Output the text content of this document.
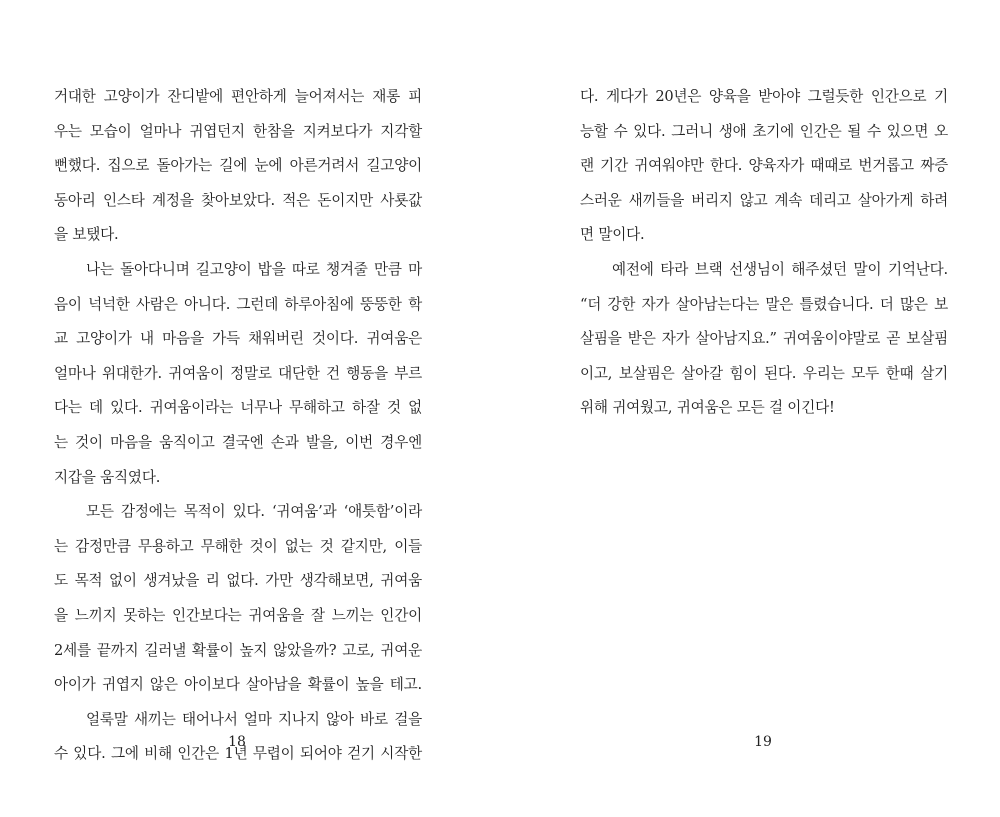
거대한 고양이가 잔디밭에 편안하게 늘어져서는 재롱 피
우는 모습이 얼마나 귀엽던지 한참을 지켜보다가 지각할
뻔했다. 집으로 돌아가는 길에 눈에 아른거려서 길고양이
동아리 인스타 계정을 찾아보았다. 적은 돈이지만 사룟값
을 보탰다.
나는 돌아다니며 길고양이 밥을 따로 챙겨줄 만큼 마
음이 넉넉한 사람은 아니다. 그런데 하루아침에 뚱뚱한 학
교 고양이가 내 마음을 가득 채워버린 것이다. 귀여움은
얼마나 위대한가. 귀여움이 정말로 대단한 건 행동을 부르
다는 데 있다. 귀여움이라는 너무나 무해하고 하잘 것 없
는 것이 마음을 움직이고 결국엔 손과 발을, 이번 경우엔
지갑을 움직였다.
모든 감정에는 목적이 있다. ‘귀여움’과 ‘애틋함’이라
는 감정만큼 무용하고 무해한 것이 없는 것 같지만, 이들
도 목적 없이 생겨났을 리 없다. 가만 생각해보면, 귀여움
을 느끼지 못하는 인간보다는 귀여움을 잘 느끼는 인간이
2세를 끝까지 길러낼 확률이 높지 않았을까? 고로, 귀여운
아이가 귀엽지 않은 아이보다 살아남을 확률이 높을 테고.
얼룩말 새끼는 태어나서 얼마 지나지 않아 바로 걸을
수 있다. 그에 비해 인간은 1년 무렵이 되어야 걷기 시작한
18
다. 게다가 20년은 양육을 받아야 그럴듯한 인간으로 기
능할 수 있다. 그러니 생애 초기에 인간은 될 수 있으면 오
랜 기간 귀여워야만 한다. 양육자가 때때로 번거롭고 짜증
스러운 새끼들을 버리지 않고 계속 데리고 살아가게 하려
면 말이다.
예전에 타라 브랙 선생님이 해주셨던 말이 기억난다.
“더 강한 자가 살아남는다는 말은 틀렸습니다. 더 많은 보
살핌을 받은 자가 살아남지요.” 귀여움이야말로 곧 보살핌
이고, 보살핌은 살아갈 힘이 된다. 우리는 모두 한때 살기
위해 귀여웠고, 귀여움은 모든 걸 이긴다!
19
